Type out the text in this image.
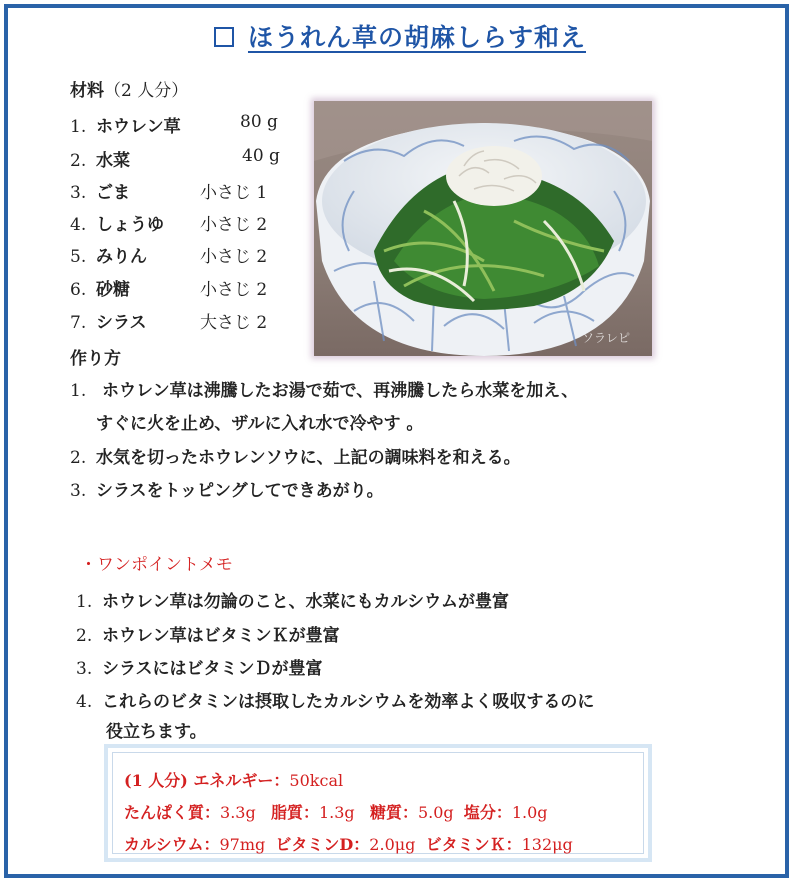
ほうれん草の胡麻しらす和え
材料（2 人分）
1. ホウレン草	80 g
2. 水菜	40 g
3. ごま	小さじ 1
4. しょうゆ 小さじ 2
5. みりん	小さじ 2
6. 砂糖	小さじ 2
7. シラス	大さじ 2
ソラレピ
作り方
1. ホウレン草は沸騰したお湯で茹で、再沸騰したら水菜を加え、
すぐに火を止め、ザルに入れ水で冷やす 。
2. 水気を切ったホウレンソウに、上記の調味料を和える。
3. シラスをトッピングしてできあがり。
・ワンポイントメモ
1. ホウレン草は勿論のこと、水菜にもカルシウムが豊富
2. ホウレン草はビタミンＫが豊富
3. シラスにはビタミンＤが豊富
4. これらのビタミンは摂取したカルシウムを効率よく吸収するのに
役立ちます。
(1 人分) エネルギー：50kcal
たんぱく質：3.3g 脂質：1.3g 糖質：5.0g 塩分：1.0g
カルシウム：97mg ビタミンD：2.0μg ビタミンＫ：132μg
